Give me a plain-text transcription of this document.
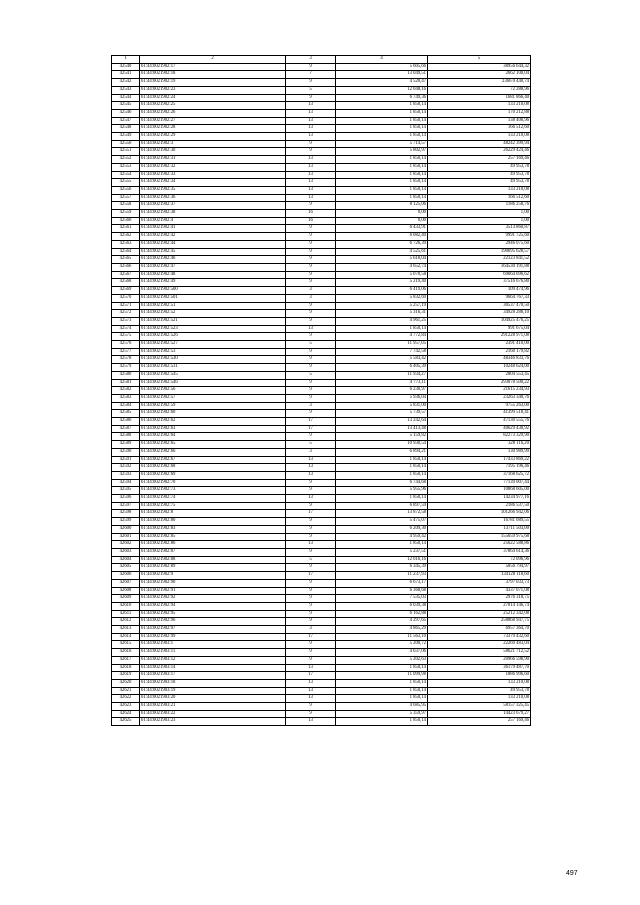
1	2	3	4	5
42540	61:44:0021902:17	9	5 605,66	38956 644,32
42541	61:44:0021902:18	7	13 049,51	2662 100,04
42542	61:44:0021902:19	9	4 520,47	2366 0 440,74
42543	61:44:0021902:23	5	12 048,16	72 288,96
42544	61:44:0021902:24	9	6 749,36	1681 866,40
42545	61:44:0021902:25	13	1 850,14	133 210,08
42546	61:44:0021902:26	13	1 850,14	170 212,88
42547	61:44:0021902:27	13	1 850,14	138 408,96
42548	61:44:0021902:28	13	1 850,14	166 512,60
42549	61:44:0021902:29	13	1 850,14	133 210,08
42550	61:44:0021902:3	9	5 714,57	48242 399,94
42551	61:44:0021902:30	9	5 802,97	26229 424,46
42552	61:44:0021902:31	13	1 850,14	257 169,46
42553	61:44:0021902:32	13	1 850,14	49 953,78
42554	61:44:0021902:33	13	1 850,14	49 953,78
42555	61:44:0021902:34	13	1 850,14	49 953,78
42556	61:44:0021902:35	13	1 850,14	133 210,08
42557	61:44:0021902:36	13	1 850,14	166 512,60
42558	61:44:0021902:37	9	8 125,06	1186 258,76
42559	61:44:0021902:38	16	0,00	1,00
42560	61:44:0021902:4	16	0,00	1,00
42561	61:44:0021902:41	9	6 433,91	3513 860,87
42562	61:44:0021902:42	9	6 082,40	9991 725,60
42563	61:44:0021902:44	9	6 726,39	2946 075,60
42564	61:44:0021902:45	9	4 525,61	190695 628,57
42565	61:44:0021902:46	9	5 618,04	22123 841,52
42566	61:44:0021902:47	9	4 652,74	164530 191,88
42567	61:44:0021902:48	9	5 070,58	69664 696,62
42568	61:44:0021902:49	9	5 219,40	37516 676,80
42569	61:44:0021902:500	3	6 419,06	109 474,96
42570	61:44:0021902:501	3	5 832,69	9664 767,33
42571	61:44:0021902:51	9	5 257,19	30537 470,50
42572	61:44:0021902:52	9	5 316,31	34928 288,10
42573	61:44:0021902:521	9	4 961,25	104925 476,25
42574	61:44:0021902:523	13	1 850,14	991 675,04
42575	61:44:0021902:526	9	4 772,84	291228 971,08
42576	61:44:0021902:527	5	11 957,05	2391 410,00
42577	61:44:0021902:53	9	7 742,58	2160 179,82
42578	61:44:0021902:530	9	5 583,42	48346 833,76
42579	61:44:0021902:531	9	6 405,39	10248 624,00
42580	61:44:0021902:545	5	11 934,27	2804 553,45
42581	61:44:0021902:546	9	4 773,11	293078 500,22
42582	61:44:0021902:56	9	6 230,97	21615 234,93
42583	61:44:0021902:57	9	5 936,04	23263 340,76
42584	61:44:0021902:59	3	5 831,00	9755 263,00
42585	61:44:0021902:60	9	5 739,57	41399 518,41
42586	61:44:0021902:62	17	13 242,64	47130 555,76
42587	61:44:0021902:63	17	13 413,48	40629 430,92
42588	61:44:0021902:64	9	5 159,82	82273 329,90
42589	61:44:0021902:65	5	10 930,54	328 116,20
42590	61:44:0021902:66	3	6 894,21	130 989,99
42591	61:44:0021902:67	13	1 850,14	17433 869,22
42592	61:44:0021902:68	13	1 850,14	7195 196,46
42593	61:44:0021902:69	13	1 850,14	37168 625,72
42594	61:44:0021902:70	9	6 744,68	77139 007,44
42595	61:44:0021902:73	9	5 955,96	10868 605,00
42596	61:44:0021902:74	13	1 850,14	14234 977,16
42597	61:44:0021902:75	9	6 897,59	2186 537,50
42598	61:44:0021902:8	17	13 872,58	101266 942,06
42599	61:44:0021902:80	9	5 475,07	16781 089,55
42600	61:44:0021902:83	9	6 209,30	13711 503,00
42601	61:44:0021902:85	9	4 959,42	155659 975,68
42602	61:44:0021902:86	13	1 850,14	25622 588,86
42603	61:44:0021902:87	9	5 237,51	37864 614,36
42604	61:44:0021902:88	5	12 016,16	72 096,96
42605	61:44:0021902:89	9	6 345,39	5856 794,97
42606	61:44:0021902:9	17	11 237,93	134128 118,60
42607	61:44:0021902:90	9	6 673,17	3797 033,73
42608	61:44:0021902:91	9	6 368,68	4337 071,08
42609	61:44:0021902:92	9	7 535,03	2976 318,75
42610	61:44:0021902:94	9	6 039,38	27014 146,74
42611	61:44:0021902:95	9	6 162,88	25212 342,08
42612	61:44:0021902:96	9	4 297,65	258868 947,75
42613	61:44:0021902:97	3	4 865,29	6957 364,70
42614	61:44:0021902:99	17	11 563,10	73379 432,60
42615	61:44:0021903:1	9	5 200,72	22269 483,04
42616	61:44:0021903:11	9	4 637,06	58621 712,52
42617	61:44:0021903:12	9	5 202,63	20966 598,90
42618	61:44:0021903:14	13	1 850,14	36179 487,70
42619	61:44:0021903:17	17	11 099,98	1886 996,60
42620	61:44:0021903:18	13	1 850,14	133 210,08
42621	61:44:0021903:19	13	1 850,14	49 953,78
42622	61:44:0021903:20	13	1 850,14	133 210,08
42623	61:44:0021903:21	9	4 685,95	58157 325,45
42624	61:44:0021903:22	9	5 359,97	14423 679,27
42625	61:44:0021903:23	13	1 850,14	257 169,46
497
